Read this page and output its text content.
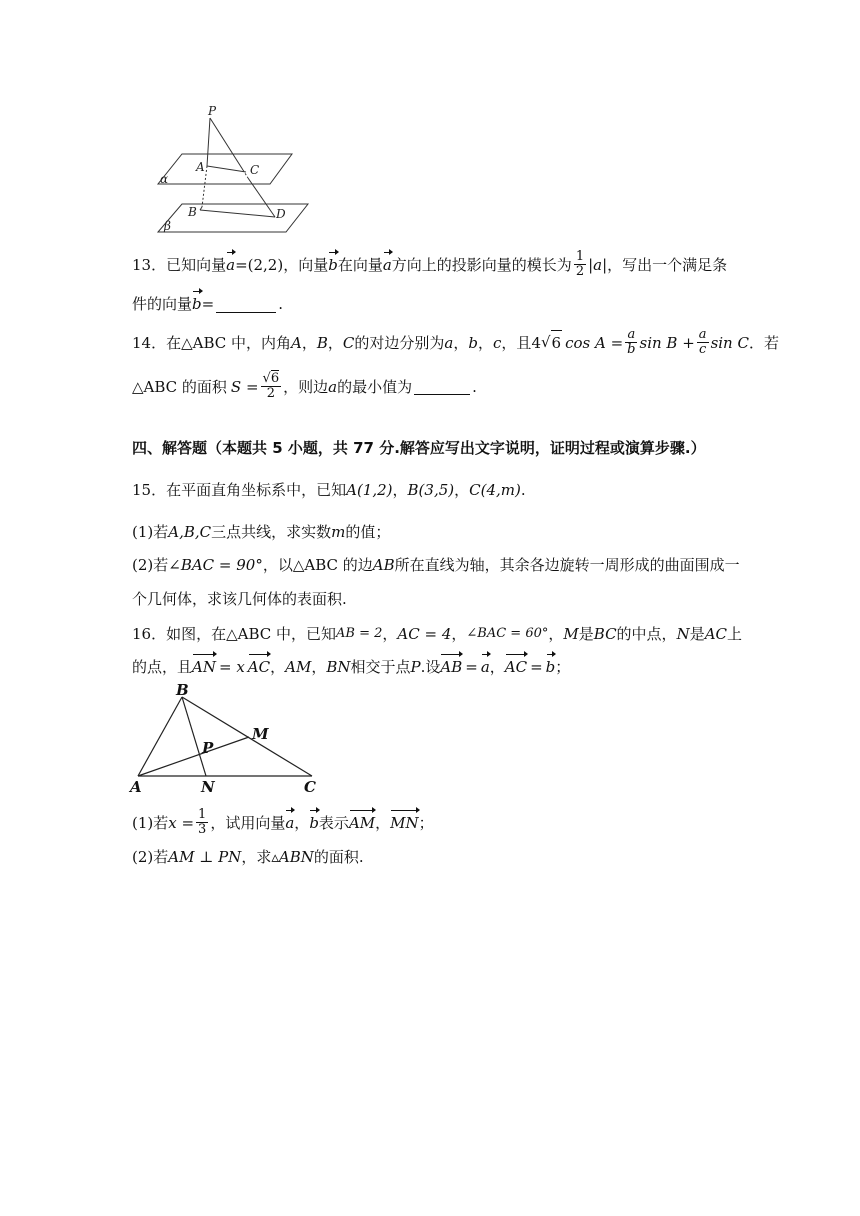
P
A	C
α
B	D
β
13． 已知向量 a =(2,2) ，向量 b 在向量 a 方向上的投影向量的模长为 $\frac{1}{2} |a|$ ，写出一个满足条
件的向量 b =	.
14． 在△ABC 中，内角 A ， B ， C 的对边分别为 a ， b ， c ，且 4 √ 6 $\cos A = \frac{a}{b}$ $\sin B + \frac{a}{c}$ sin C ．若
△ABC 的面积 $S = \frac{√6}{2}$ ，则边 a 的最小值为	.
四、解答题（本题共 5 小题，共 77 分.解答应写出文字说明，证明过程或演算步骤.）
15． 在平面直角坐标系中，已知 A(1,2) ， B(3,5) ， C(4,m) .
(1)若 A,B,C 三点共线，求实数 m 的值；
(2)若 ∠BAC = 90° ，以△ABC 的边 AB 所在直线为轴，其余各边旋转一周形成的曲面围成一
个几何体，求该几何体的表面积.
16． 如图，在△ABC 中，已知 AB = 2 ， AC = 4 ， ∠BAC = 60° ， M 是 BC 的中点， N 是 AC 上
的点，且 AN = x AC ， AM ， BN 相交于点 P .设 AB = a ， AC = b ；
B
M
P
A	N	C
(1)若 $x = \frac{1}{3}$ ，试用向量 a ， b 表示 AM ， MN ；
(2)若 AM ⊥ PN ，求 ▵ABN 的面积.
